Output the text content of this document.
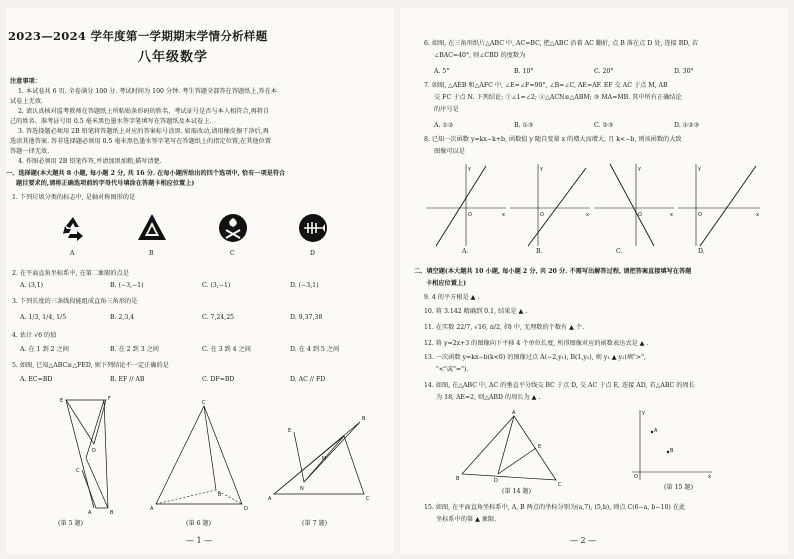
2023—2024 学年度第一学期期末学情分析样题
八年级数学
注意事项：
1. 本试卷共 6 页. 全卷满分 100 分. 考试时间为 100 分钟. 考生答题全部答在答题纸上,答在本
试卷上无效.
2. 请认真核对监考教师在答题纸上所粘贴条形码的姓名、考试证号是否与本人相符合,再将自
己的姓名、准考证号用 0.5 毫米黑色墨水签字笔填写在答题纸及本试卷上.
3. 答选择题必须用 2B 铅笔将答题纸上对应的答案标号涂黑. 如需改动,请用橡皮擦干净后,再
选涂其他答案. 答非选择题必须用 0.5 毫米黑色墨水签字笔写在答题纸上的指定位置,在其他位置
答题一律无效.
4. 作图必须用 2B 铅笔作答,并请加黑加粗,描写清楚.
一、选择题(本大题共 8 小题, 每小题 2 分, 共 16 分. 在每小题所给出的四个选项中, 恰有一项是符合
题目要求的,请将正确选项前的字母代号填涂在答题卡相应位置上)
1. 下列垃圾分类的标志中, 是轴对称图形的是
A	B	C	D
2. 在平面直角坐标系中, 在第二象限的点是
A. (3,1)	B. (−3,−1)	C. (3,−1)	D. (−3,1)
3. 下列长度的三条线段能组成直角三角形的是
A. 1/3, 1/4, 1/5	B. 2,3,4	C. 7,24,25	D. 9,37,38
4. 估计 √6 的值
A. 在 1 到 2 之间	B. 在 2 到 3 之间	C. 在 3 到 4 之间	D. 在 4 到 5 之间
5. 如图, 已知△ABC≌△FED, 则下列结论不一定正确的是
A. EC=BD	B. EF // AB	C. DF=BD	D. AC // FD
E	F
D
C
A	B
C
A	D
B
A
B
E
C
N
M
(第 5 题)	(第 6 题)	(第 7 题)
— 1 —
6. 如图, 在三角形纸片△ABC 中, AC=BC, 把△ABC 沿着 AC 翻折, 点 B 落在点 D 处, 连接 BD, 若
∠BAC=40°, 则∠CBD 的度数为
A. 5°	B. 10°	C. 20°	D. 30°
7. 如图, △AEB 和△AFC 中, ∠E=∠F=90°, ∠B=∠C, AE=AF. EF 交 AC 于点 M, AB
交 FC 于点 N. 下列结论: ①∠1=∠2; ②△ACN≌△ABM; ③ MA=MB. 其中所有正确结论
的序号是
A. ①②	B. ①③	C. ②③	D. ①②③
8. 已知一次函数 y=kx−k+b, 函数值 y 随自变量 x 的增大而增大, 且 k<−b, 则该函数的大致
图像可以是
y
x
O
y
x
O
y
x
O
y
x
O
A.	B.	C.	D.
二、填空题(本大题共 10 小题, 每小题 2 分, 共 20 分. 不需写出解答过程, 请把答案直接填写在答题
卡相应位置上)
9. 4 的平方根是 ▲ .
10. 将 3.142 精确到 0.1, 结果是 ▲ .
11. 在实数 22/7, √16, π/2, ∛8 中, 无理数的个数有 ▲ 个.
12. 将 y=2x+3 的图像向下平移 4 个单位长度, 所得图像对应的函数表达式是 ▲ .
13. 一次函数 y=kx−b(k<0) 的图像过点 A(−2,y₁), B(1,y₂), 则 y₁ ▲ y₂(填">",
"<"或"=").
14. 如图, 在△ABC 中, AC 的垂直平分线交 BC 于点 D, 交 AC 于点 E, 连接 AD, 若△ABC 的周长
为 18, AE=2, 则△ABD 的周长为 ▲ .
A
B	D
C
E
A
B
y
x
O
(第 14 题)
(第 15 题)
15. 如图, 在平面直角坐标系中, A, B 两点的坐标分别为(a,7), (5,b), 则点 C(6−a, b−10) 在此
坐标系中的第 ▲ 象限.
— 2 —
